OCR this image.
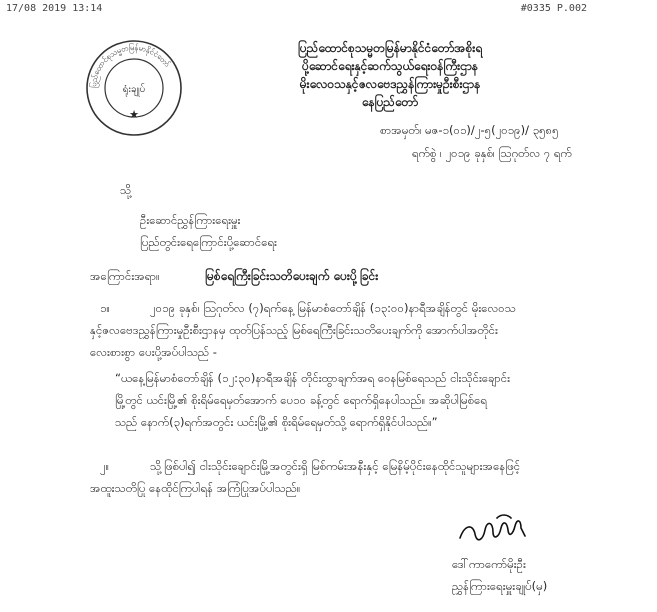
17/08 2019 13:14	#0335 P.002
ပြည်ထောင်စုသမ္မတမြန်မာနိုင်ငံတော်
ရုံးချုပ်
★
ပြည်ထောင်စုသမ္မတမြန်မာနိုင်ငံတော်အစိုးရ
ပို့ဆောင်ရေးနှင့်ဆက်သွယ်ရေးဝန်ကြီးဌာန
မိုးလေဝသနှင့်ဇလဗေဒညွှန်ကြားမှုဦးစီးဌာန
နေပြည်တော်
စာအမှတ်၊ မဇ-၁(ဝ၁)/၂-၅(၂၀၁၉)/ ၃၅၈၅
ရက်စွဲ ၊ ၂၀၁၉ ခုနှစ်၊ ဩဂုတ်လ ၇ ရက်
သို့
ဦးဆောင်ညွှန်ကြားရေးမှူး
ပြည်တွင်းရေကြောင်းပို့ဆောင်ရေး
အကြောင်းအရာ။	မြစ်ရေကြီးခြင်းသတိပေးချက် ပေးပို့ခြင်း
၁။	၂၀၁၉ ခုနှစ်၊ ဩဂုတ်လ (၇)ရက်နေ့ မြန်မာစံတော်ချိန် (၁၃:၀၀)နာရီအချိန်တွင် မိုးလေဝသ
နှင့်ဇလဗေဒညွှန်ကြားမှုဦးစီးဌာနမှ ထုတ်ပြန်သည့် မြစ်ရေကြီးခြင်းသတိပေးချက်ကို အောက်ပါအတိုင်း
လေးစားစွာ ပေးပို့အပ်ပါသည် -
“ယနေ့မြန်မာစံတော်ချိန် (၁၂:၃၀)နာရီအချိန် တိုင်းထွာချက်အရ ဝေနမြစ်ရေသည် ငါးသိုင်းချောင်း
မြို့တွင် ယင်းမြို့၏ စိုးရိမ်ရေမှတ်အောက် ပေ၁ဝ ခန့်တွင် ရောက်ရှိနေပါသည်။ အဆိုပါမြစ်ရေ
သည် နောက်(၃)ရက်အတွင်း ယင်းမြို့၏ စိုးရိမ်ရေမှတ်သို့ ရောက်ရှိနိုင်ပါသည်။”
၂။	သို့ဖြစ်ပါ၍ ငါးသိုင်းချောင်းမြို့အတွင်းရှိ မြစ်ကမ်းအနီးနှင့် မြေနိမ့်ပိုင်းနေထိုင်သူများအနေဖြင့်
အထူးသတိပြု နေထိုင်ကြပါရန် အကြံပြုအပ်ပါသည်။
ဒေါ်ကာကော်မိုးဦး
ညွှန်ကြားရေးမှူးချုပ်(မှ)
